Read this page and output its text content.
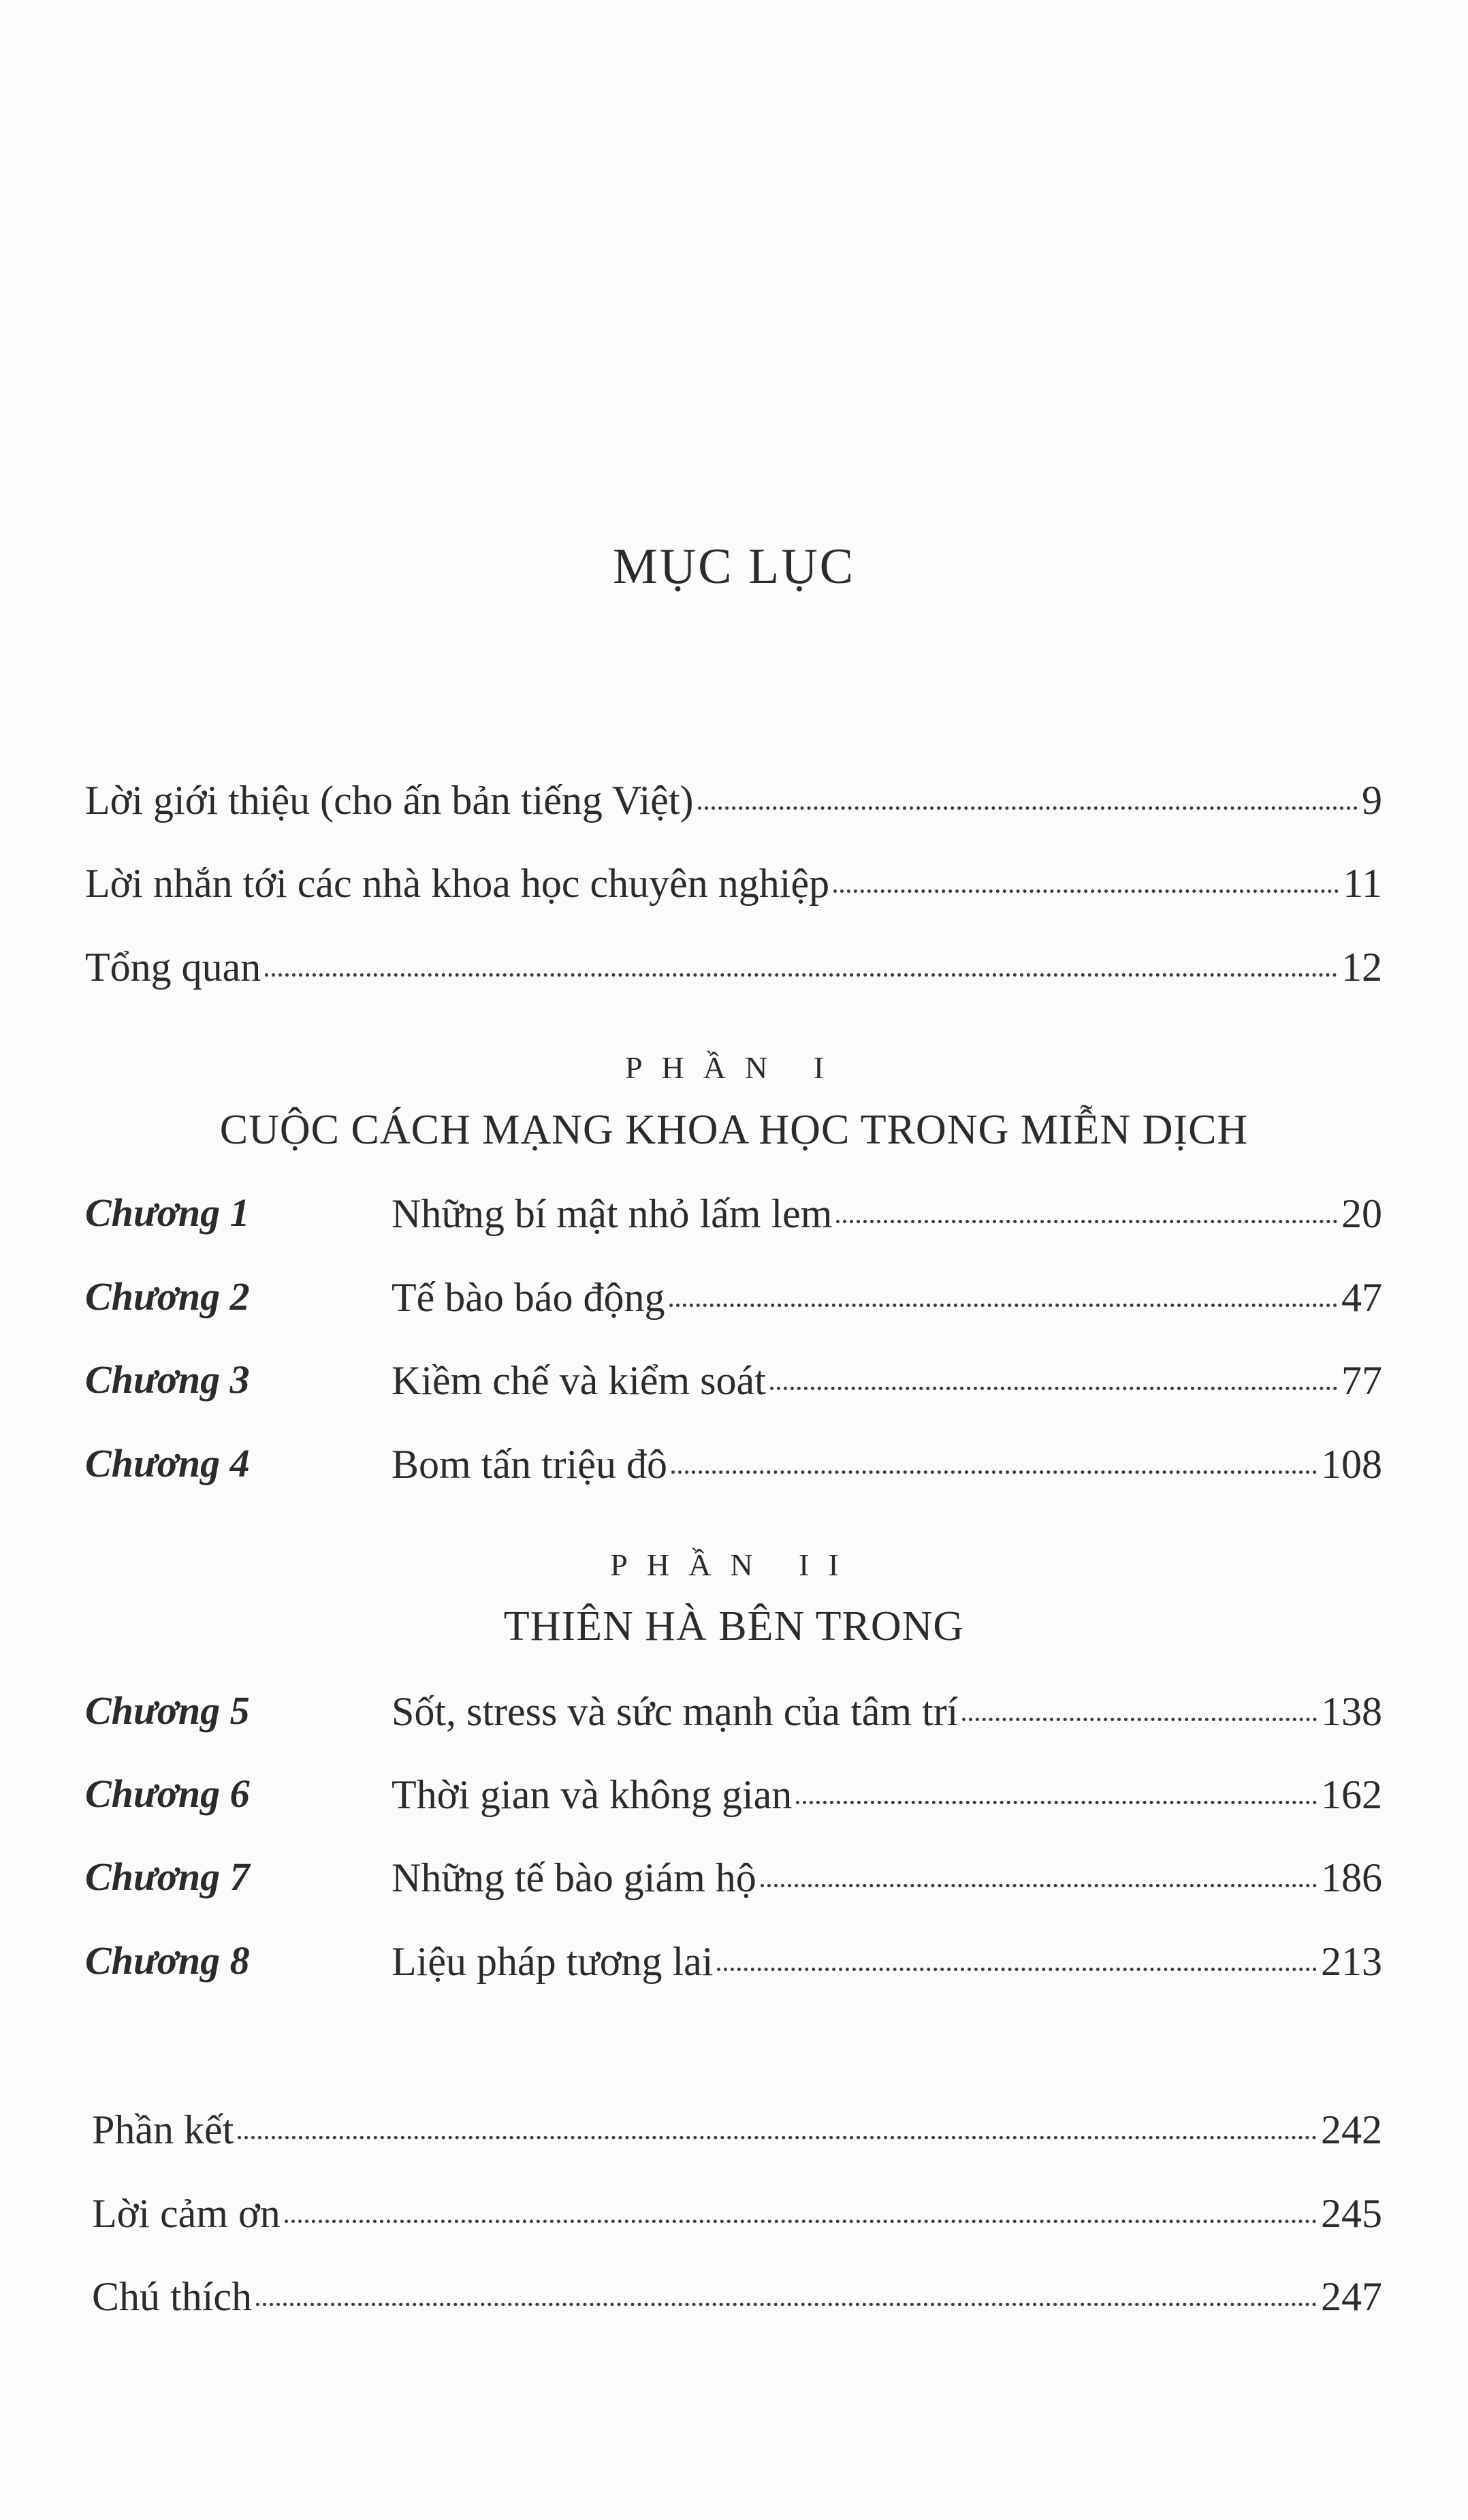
MỤC LỤC
Lời giới thiệu (cho ấn bản tiếng Việt)	9
Lời nhắn tới các nhà khoa học chuyên nghiệp	11
Tổng quan	12
PHẦN I
CUỘC CÁCH MẠNG KHOA HỌC TRONG MIỄN DỊCH
Chương 1	Những bí mật nhỏ lấm lem	20
Chương 2	Tế bào báo động	47
Chương 3	Kiềm chế và kiểm soát	77
Chương 4	Bom tấn triệu đô	108
PHẦN II
THIÊN HÀ BÊN TRONG
Chương 5	Sốt, stress và sức mạnh của tâm trí	138
Chương 6	Thời gian và không gian	162
Chương 7	Những tế bào giám hộ	186
Chương 8	Liệu pháp tương lai	213
Phần kết	242
Lời cảm ơn	245
Chú thích	247
